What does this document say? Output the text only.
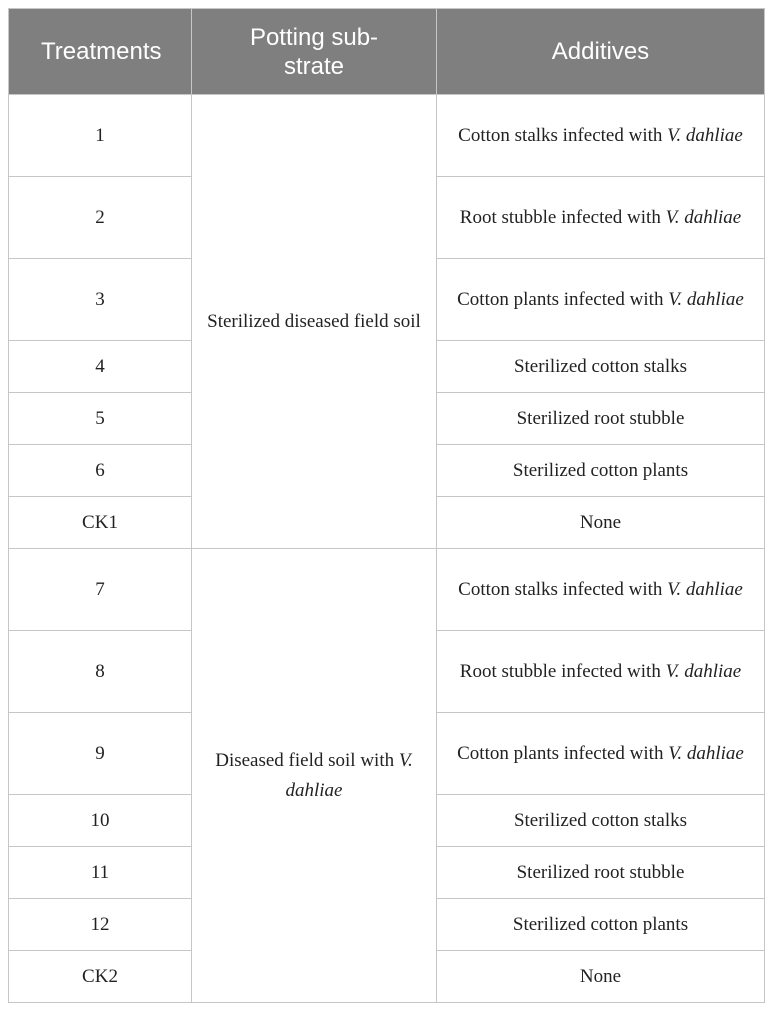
Treatments	Potting sub-strate	Additives
1	Sterilized diseased field soil	Cotton stalks infected with V. dahliae
2		Root stubble infected with V. dahliae
3		Cotton plants infected with V. dahliae
4		Sterilized cotton stalks
5		Sterilized root stubble
6		Sterilized cotton plants
CK1		None
7	Diseased field soil with V. dahliae	Cotton stalks infected with V. dahliae
8		Root stubble infected with V. dahliae
9		Cotton plants infected with V. dahliae
10		Sterilized cotton stalks
11		Sterilized root stubble
12		Sterilized cotton plants
CK2		None
